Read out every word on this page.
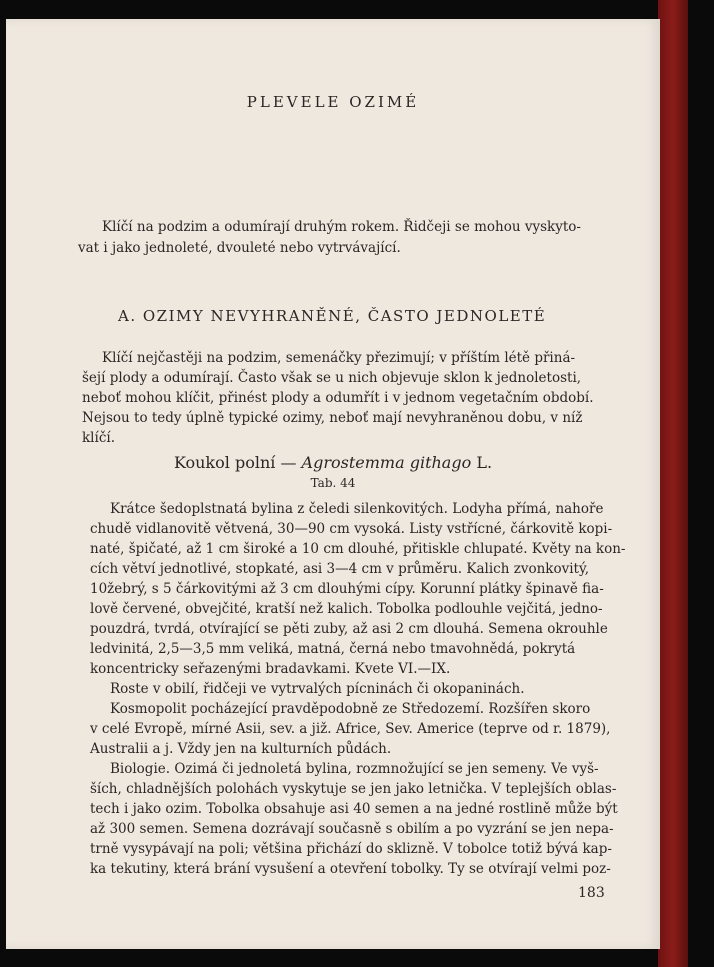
PLEVELE OZIMÉ
Klíčí na podzim a odumírají druhým rokem. Řidčeji se mohou vyskyto-
vat i jako jednoleté, dvouleté nebo vytrvávající.
A. OZIMY NEVYHRANĚNÉ, ČASTO JEDNOLETÉ
Klíčí nejčastěji na podzim, semenáčky přezimují; v příštím létě přiná-
šejí plody a odumírají. Často však se u nich objevuje sklon k jednoletosti,
neboť mohou klíčit, přinést plody a odumřít i v jednom vegetačním období.
Nejsou to tedy úplně typické ozimy, neboť mají nevyhraněnou dobu, v níž
klíčí.
Koukol polní — Agrostemma githago L.
Tab. 44
Krátce šedoplstnatá bylina z čeledi silenkovitých. Lodyha přímá, nahoře
chudě vidlanovitě větvená, 30—90 cm vysoká. Listy vstřícné, čárkovitě kopi-
naté, špičaté, až 1 cm široké a 10 cm dlouhé, přitiskle chlupaté. Květy na kon-
cích větví jednotlivé, stopkaté, asi 3—4 cm v průměru. Kalich zvonkovitý,
10žebrý, s 5 čárkovitými až 3 cm dlouhými cípy. Korunní plátky špinavě fia-
lově červené, obvejčité, kratší než kalich. Tobolka podlouhle vejčitá, jedno-
pouzdrá, tvrdá, otvírající se pěti zuby, až asi 2 cm dlouhá. Semena okrouhle
ledvinitá, 2,5—3,5 mm veliká, matná, černá nebo tmavohnědá, pokrytá
koncentricky seřazenými bradavkami. Kvete VI.—IX.
Roste v obilí, řidčeji ve vytrvalých pícninách či okopaninách.
Kosmopolit pocházející pravděpodobně ze Středozemí. Rozšířen skoro
v celé Evropě, mírné Asii, sev. a již. Africe, Sev. Americe (teprve od r. 1879),
Australii a j. Vždy jen na kulturních půdách.
Biologie. Ozimá či jednoletá bylina, rozmnožující se jen semeny. Ve vyš-
ších, chladnějších polohách vyskytuje se jen jako letnička. V teplejších oblas-
tech i jako ozim. Tobolka obsahuje asi 40 semen a na jedné rostlině může být
až 300 semen. Semena dozrávají současně s obilím a po vyzrání se jen nepa-
trně vysypávají na poli; většina přichází do sklizně. V tobolce totiž bývá kap-
ka tekutiny, která brání vysušení a otevření tobolky. Ty se otvírají velmi poz-
183
